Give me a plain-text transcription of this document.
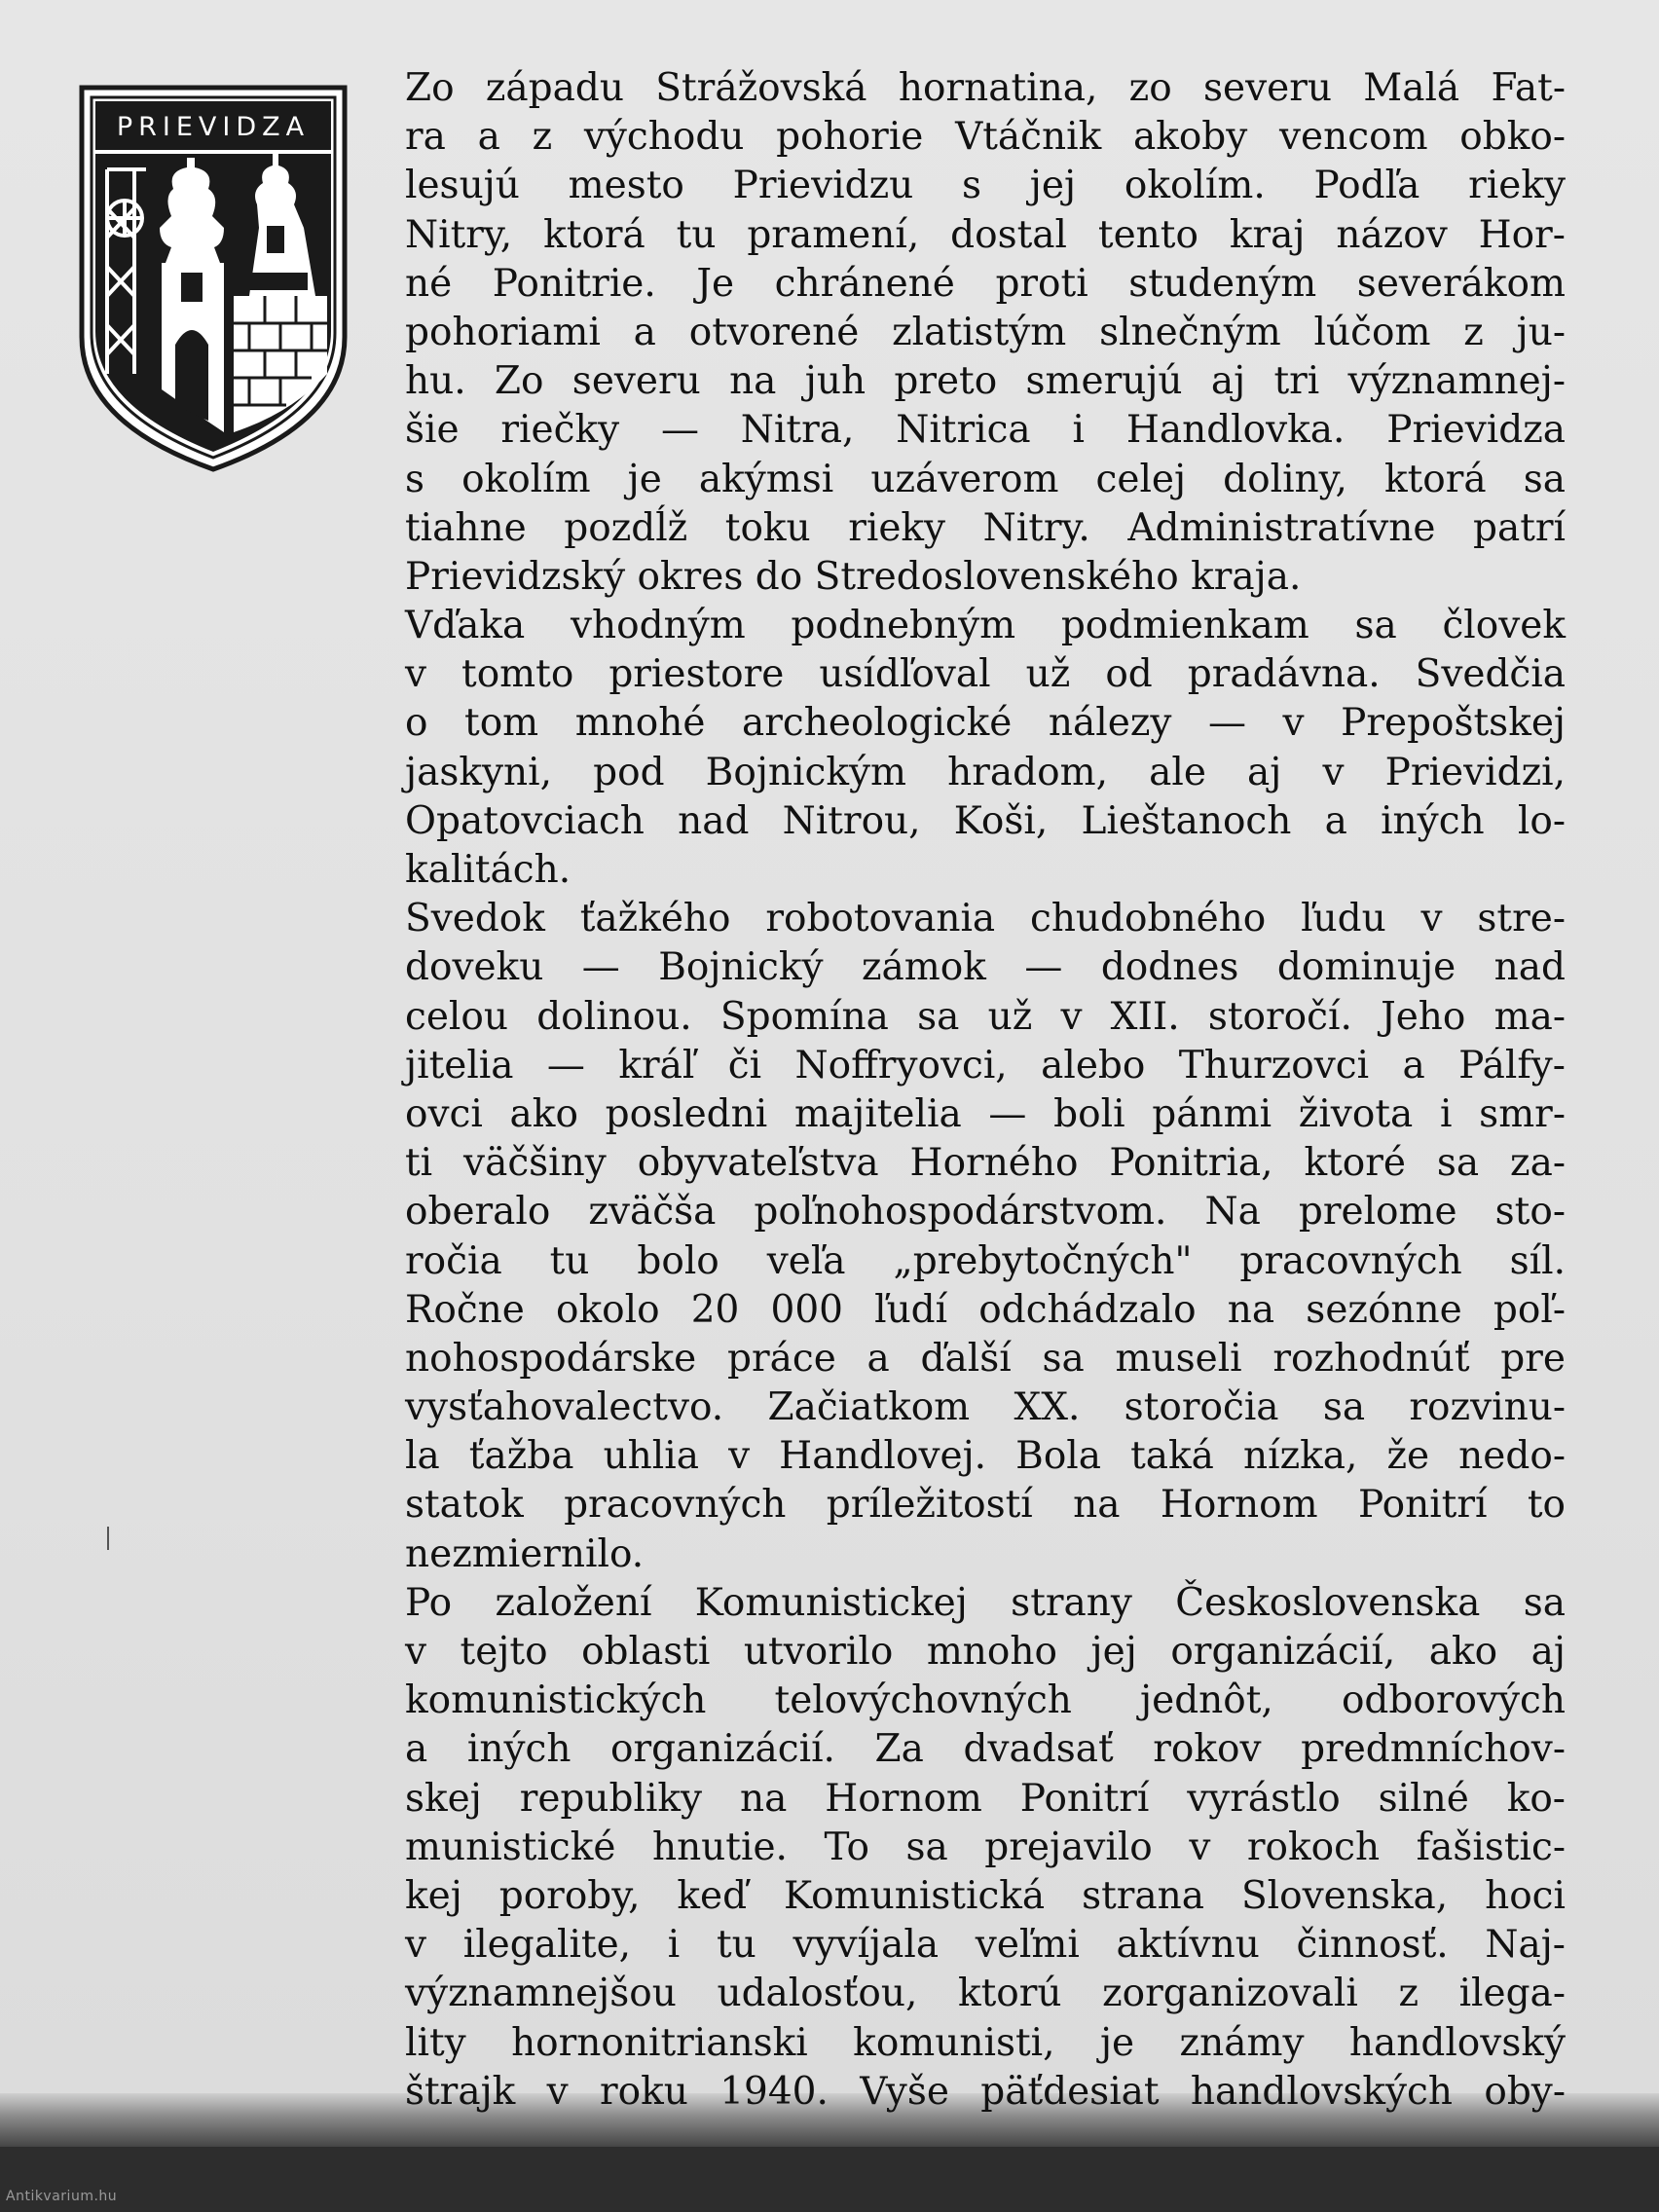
PRIEVIDZA
Zo západu Strážovská hornatina, zo severu Malá Fat-
ra a z východu pohorie Vtáčnik akoby vencom obko-
lesujú mesto Prievidzu s jej okolím. Podľa rieky
Nitry, ktorá tu pramení, dostal tento kraj názov Hor-
né Ponitrie. Je chránené proti studeným severákom
pohoriami a otvorené zlatistým slnečným lúčom z ju-
hu. Zo severu na juh preto smerujú aj tri významnej-
šie riečky — Nitra, Nitrica i Handlovka. Prievidza
s okolím je akýmsi uzáverom celej doliny, ktorá sa
tiahne pozdĺž toku rieky Nitry. Administratívne patrí
Prievidzský okres do Stredoslovenského kraja.
Vďaka vhodným podnebným podmienkam sa človek
v tomto priestore usídľoval už od pradávna. Svedčia
o tom mnohé archeologické nálezy — v Prepoštskej
jaskyni, pod Bojnickým hradom, ale aj v Prievidzi,
Opatovciach nad Nitrou, Koši, Lieštanoch a iných lo-
kalitách.
Svedok ťažkého robotovania chudobného ľudu v stre-
doveku — Bojnický zámok — dodnes dominuje nad
celou dolinou. Spomína sa už v XII. storočí. Jeho ma-
jitelia — kráľ či Noffryovci, alebo Thurzovci a Pálfy-
ovci ako posledni majitelia — boli pánmi života i smr-
ti väčšiny obyvateľstva Horného Ponitria, ktoré sa za-
oberalo zväčša poľnohospodárstvom. Na prelome sto-
ročia tu bolo veľa „prebytočných" pracovných síl.
Ročne okolo 20 000 ľudí odchádzalo na sezónne poľ-
nohospodárske práce a ďalší sa museli rozhodnúť pre
vysťahovalectvo. Začiatkom XX. storočia sa rozvinu-
la ťažba uhlia v Handlovej. Bola taká nízka, že nedo-
statok pracovných príležitostí na Hornom Ponitrí to
nezmiernilo.
Po založení Komunistickej strany Československa sa
v tejto oblasti utvorilo mnoho jej organizácií, ako aj
komunistických telovýchovných jednôt, odborových
a iných organizácií. Za dvadsať rokov predmníchov-
skej republiky na Hornom Ponitrí vyrástlo silné ko-
munistické hnutie. To sa prejavilo v rokoch fašistic-
kej poroby, keď Komunistická strana Slovenska, hoci
v ilegalite, i tu vyvíjala veľmi aktívnu činnosť. Naj-
významnejšou udalosťou, ktorú zorganizovali z ilega-
lity hornonitrianski komunisti, je známy handlovský
štrajk v roku 1940. Vyše päťdesiat handlovských oby-
Antikvarium.hu
